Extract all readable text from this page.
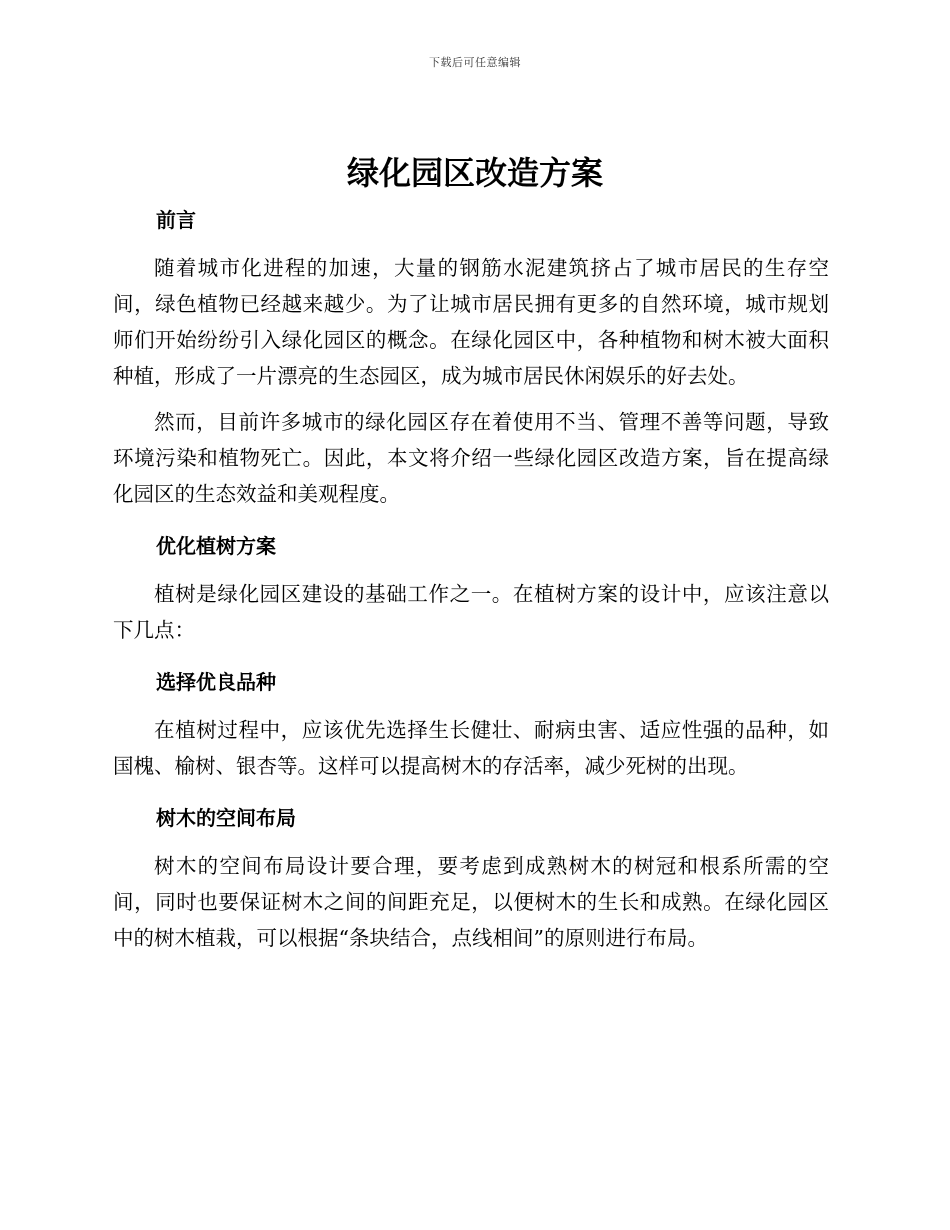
下载后可任意编辑
绿化园区改造方案
前言

随着城市化进程的加速，大量的钢筋水泥建筑挤占了城市居民的生存空间，绿色植物已经越来越少。为了让城市居民拥有更多的自然环境，城市规划师们开始纷纷引入绿化园区的概念。在绿化园区中，各种植物和树木被大面积种植，形成了一片漂亮的生态园区，成为城市居民休闲娱乐的好去处。

然而，目前许多城市的绿化园区存在着使用不当、管理不善等问题，导致环境污染和植物死亡。因此，本文将介绍一些绿化园区改造方案，旨在提高绿化园区的生态效益和美观程度。

优化植树方案

植树是绿化园区建设的基础工作之一。在植树方案的设计中，应该注意以下几点：

选择优良品种

在植树过程中，应该优先选择生长健壮、耐病虫害、适应性强的品种，如国槐、榆树、银杏等。这样可以提高树木的存活率，减少死树的出现。

树木的空间布局

树木的空间布局设计要合理，要考虑到成熟树木的树冠和根系所需的空间，同时也要保证树木之间的间距充足，以便树木的生长和成熟。在绿化园区中的树木植栽，可以根据“条块结合，点线相间”的原则进行布局。
